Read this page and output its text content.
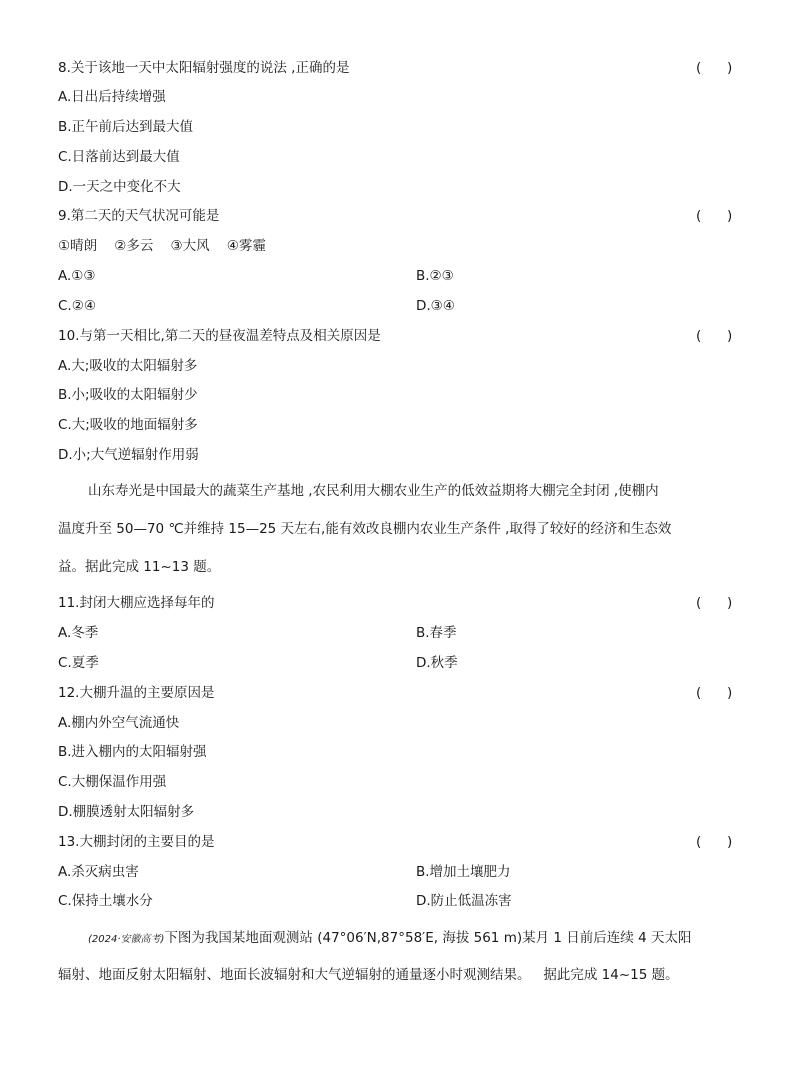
8.关于该地一天中太阳辐射强度的说法 ,正确的是	(      )
A.日出后持续增强
B.正午前后达到最大值
C.日落前达到最大值
D.一天之中变化不大
9.第二天的天气状况可能是	(      )
①晴朗    ②多云    ③大风    ④雾霾
A.①③	B.②③
C.②④	D.③④
10.与第一天相比,第二天的昼夜温差特点及相关原因是	(      )
A.大;吸收的太阳辐射多
B.小;吸收的太阳辐射少
C.大;吸收的地面辐射多
D.小;大气逆辐射作用弱
山东寿光是中国最大的蔬菜生产基地 ,农民利用大棚农业生产的低效益期将大棚完全封闭 ,使棚内
温度升至 50—70 ℃并维持 15—25 天左右,能有效改良棚内农业生产条件 ,取得了较好的经济和生态效
益。据此完成 11~13 题。
11.封闭大棚应选择每年的	(      )
A.冬季	B.春季
C.夏季	D.秋季
12.大棚升温的主要原因是	(      )
A.棚内外空气流通快
B.进入棚内的太阳辐射强
C.大棚保温作用强
D.棚膜透射太阳辐射多
13.大棚封闭的主要目的是	(      )
A.杀灭病虫害	B.增加土壤肥力
C.保持土壤水分	D.防止低温冻害
(2024·安徽高考)下图为我国某地面观测站 (47°06′N,87°58′E, 海拔 561 m)某月 1 日前后连续 4 天太阳
辐射、地面反射太阳辐射、地面长波辐射和大气逆辐射的通量逐小时观测结果。   据此完成 14~15 题。
